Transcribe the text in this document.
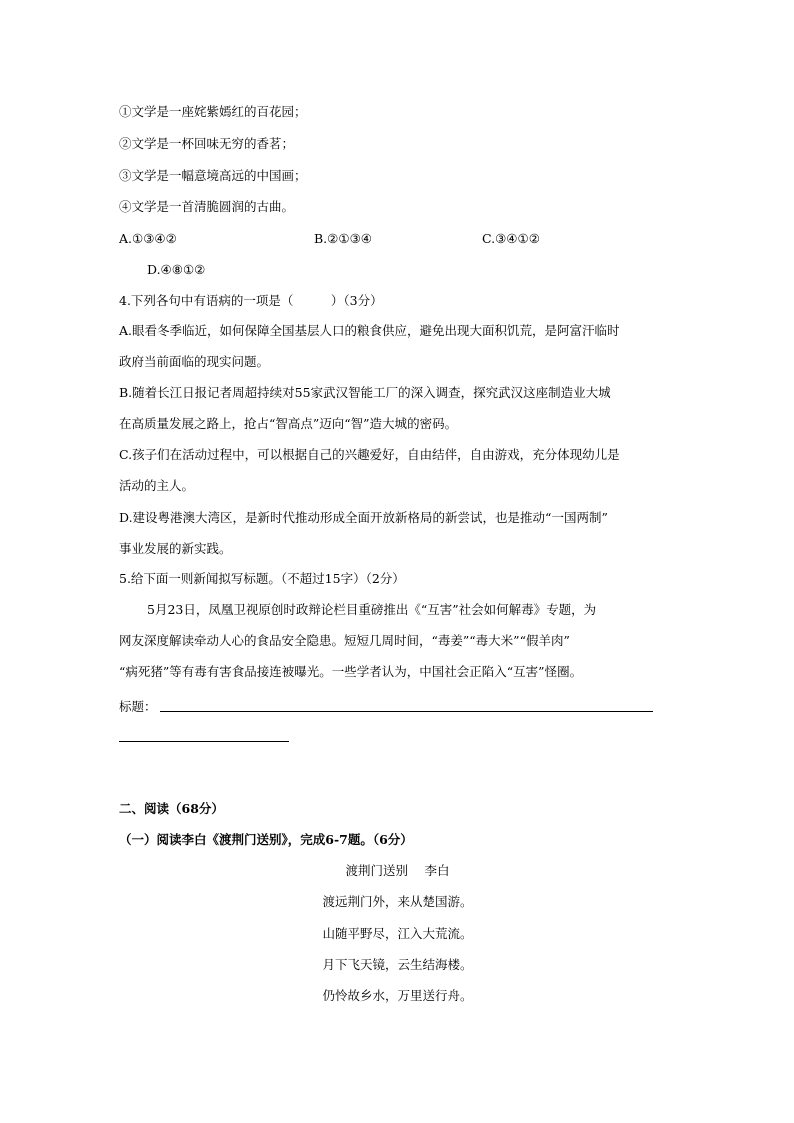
①文学是一座姹紫嫣红的百花园；
②文学是一杯回味无穷的香茗；
③文学是一幅意境高远的中国画；
④文学是一首清脆圆润的古曲。
A.①③④②	B.②①③④	C.③④①②
D.④⑧①②
4.下列各句中有语病的一项是（　　　）（3分）
A.眼看冬季临近，如何保障全国基层人口的粮食供应，避免出现大面积饥荒，是阿富汗临时
政府当前面临的现实问题。
B.随着长江日报记者周超持续对55家武汉智能工厂的深入调查，探究武汉这座制造业大城
在高质量发展之路上，抢占“智高点”迈向“智”造大城的密码。
C.孩子们在活动过程中，可以根据自己的兴趣爱好，自由结伴，自由游戏，充分体现幼儿是
活动的主人。
D.建设粤港澳大湾区，是新时代推动形成全面开放新格局的新尝试，也是推动“一国两制”
事业发展的新实践。
5.给下面一则新闻拟写标题。（不超过15字）（2分）
5月23日，凤凰卫视原创时政辩论栏目重磅推出《“互害”社会如何解毒》专题，为
网友深度解读牵动人心的食品安全隐患。短短几周时间，“毒姜”“毒大米”“假羊肉”
“病死猪”等有毒有害食品接连被曝光。一些学者认为，中国社会正陷入“互害”怪圈。
标题：
二、阅读（68分）
（一）阅读李白《渡荆门送别》，完成6-7题。（6分）
渡荆门送别　 李白
渡远荆门外，来从楚国游。
山随平野尽，江入大荒流。
月下飞天镜，云生结海楼。
仍怜故乡水，万里送行舟。
